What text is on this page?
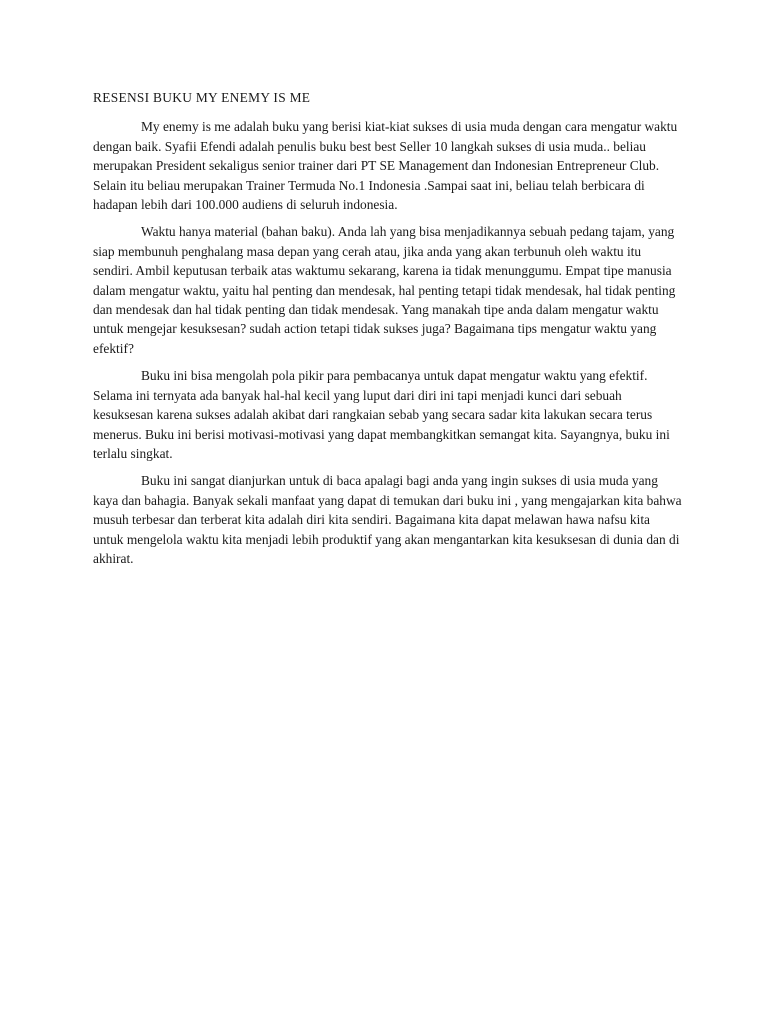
RESENSI BUKU MY ENEMY IS ME

My enemy is me adalah buku yang berisi kiat-kiat sukses di usia muda dengan cara mengatur waktu dengan baik. Syafii Efendi adalah penulis buku best best Seller 10 langkah sukses di usia muda.. beliau merupakan President sekaligus senior trainer dari PT SE Management dan Indonesian Entrepreneur Club. Selain itu beliau merupakan Trainer Termuda No.1 Indonesia .Sampai saat ini, beliau telah berbicara di hadapan lebih dari 100.000 audiens di seluruh indonesia.

Waktu hanya material (bahan baku). Anda lah yang bisa menjadikannya sebuah pedang tajam, yang siap membunuh penghalang masa depan yang cerah atau, jika anda yang akan terbunuh oleh waktu itu sendiri. Ambil keputusan terbaik atas waktumu sekarang, karena ia tidak menunggumu. Empat tipe manusia dalam mengatur waktu, yaitu hal penting dan mendesak, hal penting tetapi tidak mendesak, hal tidak penting dan mendesak dan hal tidak penting dan tidak mendesak. Yang manakah tipe anda dalam mengatur waktu untuk mengejar kesuksesan? sudah action tetapi tidak sukses juga? Bagaimana tips mengatur waktu yang efektif?

Buku ini bisa mengolah pola pikir para pembacanya untuk dapat mengatur waktu yang efektif. Selama ini ternyata ada banyak hal-hal kecil yang luput dari diri ini tapi menjadi kunci dari sebuah kesuksesan karena sukses adalah akibat dari rangkaian sebab yang secara sadar kita lakukan secara terus menerus. Buku ini berisi motivasi-motivasi yang dapat membangkitkan semangat kita. Sayangnya, buku ini terlalu singkat.

Buku ini sangat dianjurkan untuk di baca apalagi bagi anda yang ingin sukses di usia muda yang kaya dan bahagia. Banyak sekali manfaat yang dapat di temukan dari buku ini , yang mengajarkan kita bahwa musuh terbesar dan terberat kita adalah diri kita sendiri. Bagaimana kita dapat melawan hawa nafsu kita untuk mengelola waktu kita menjadi lebih produktif yang akan mengantarkan kita kesuksesan di dunia dan di akhirat.
